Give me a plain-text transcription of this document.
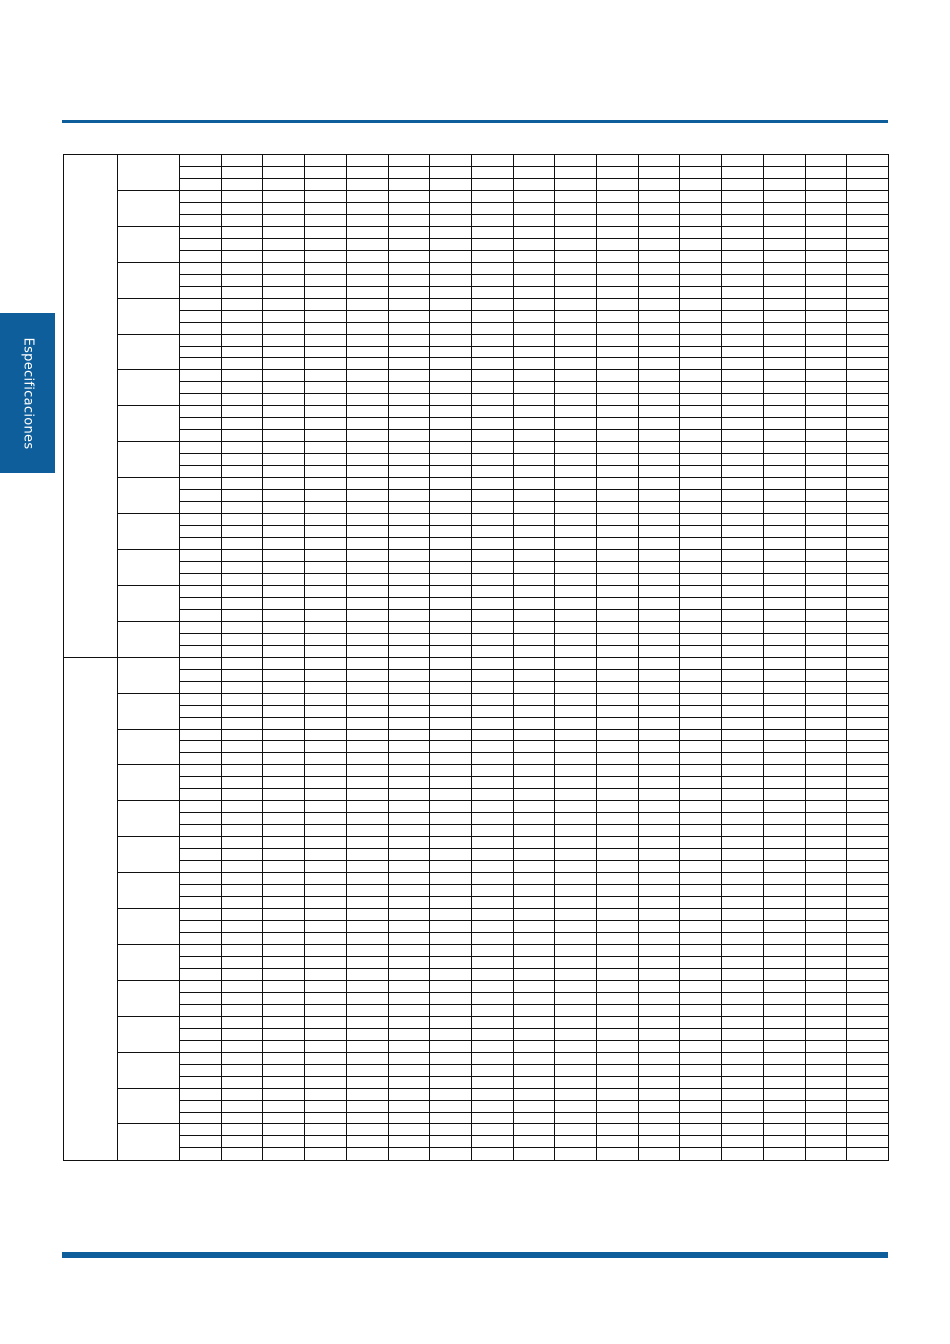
Especificaciones
